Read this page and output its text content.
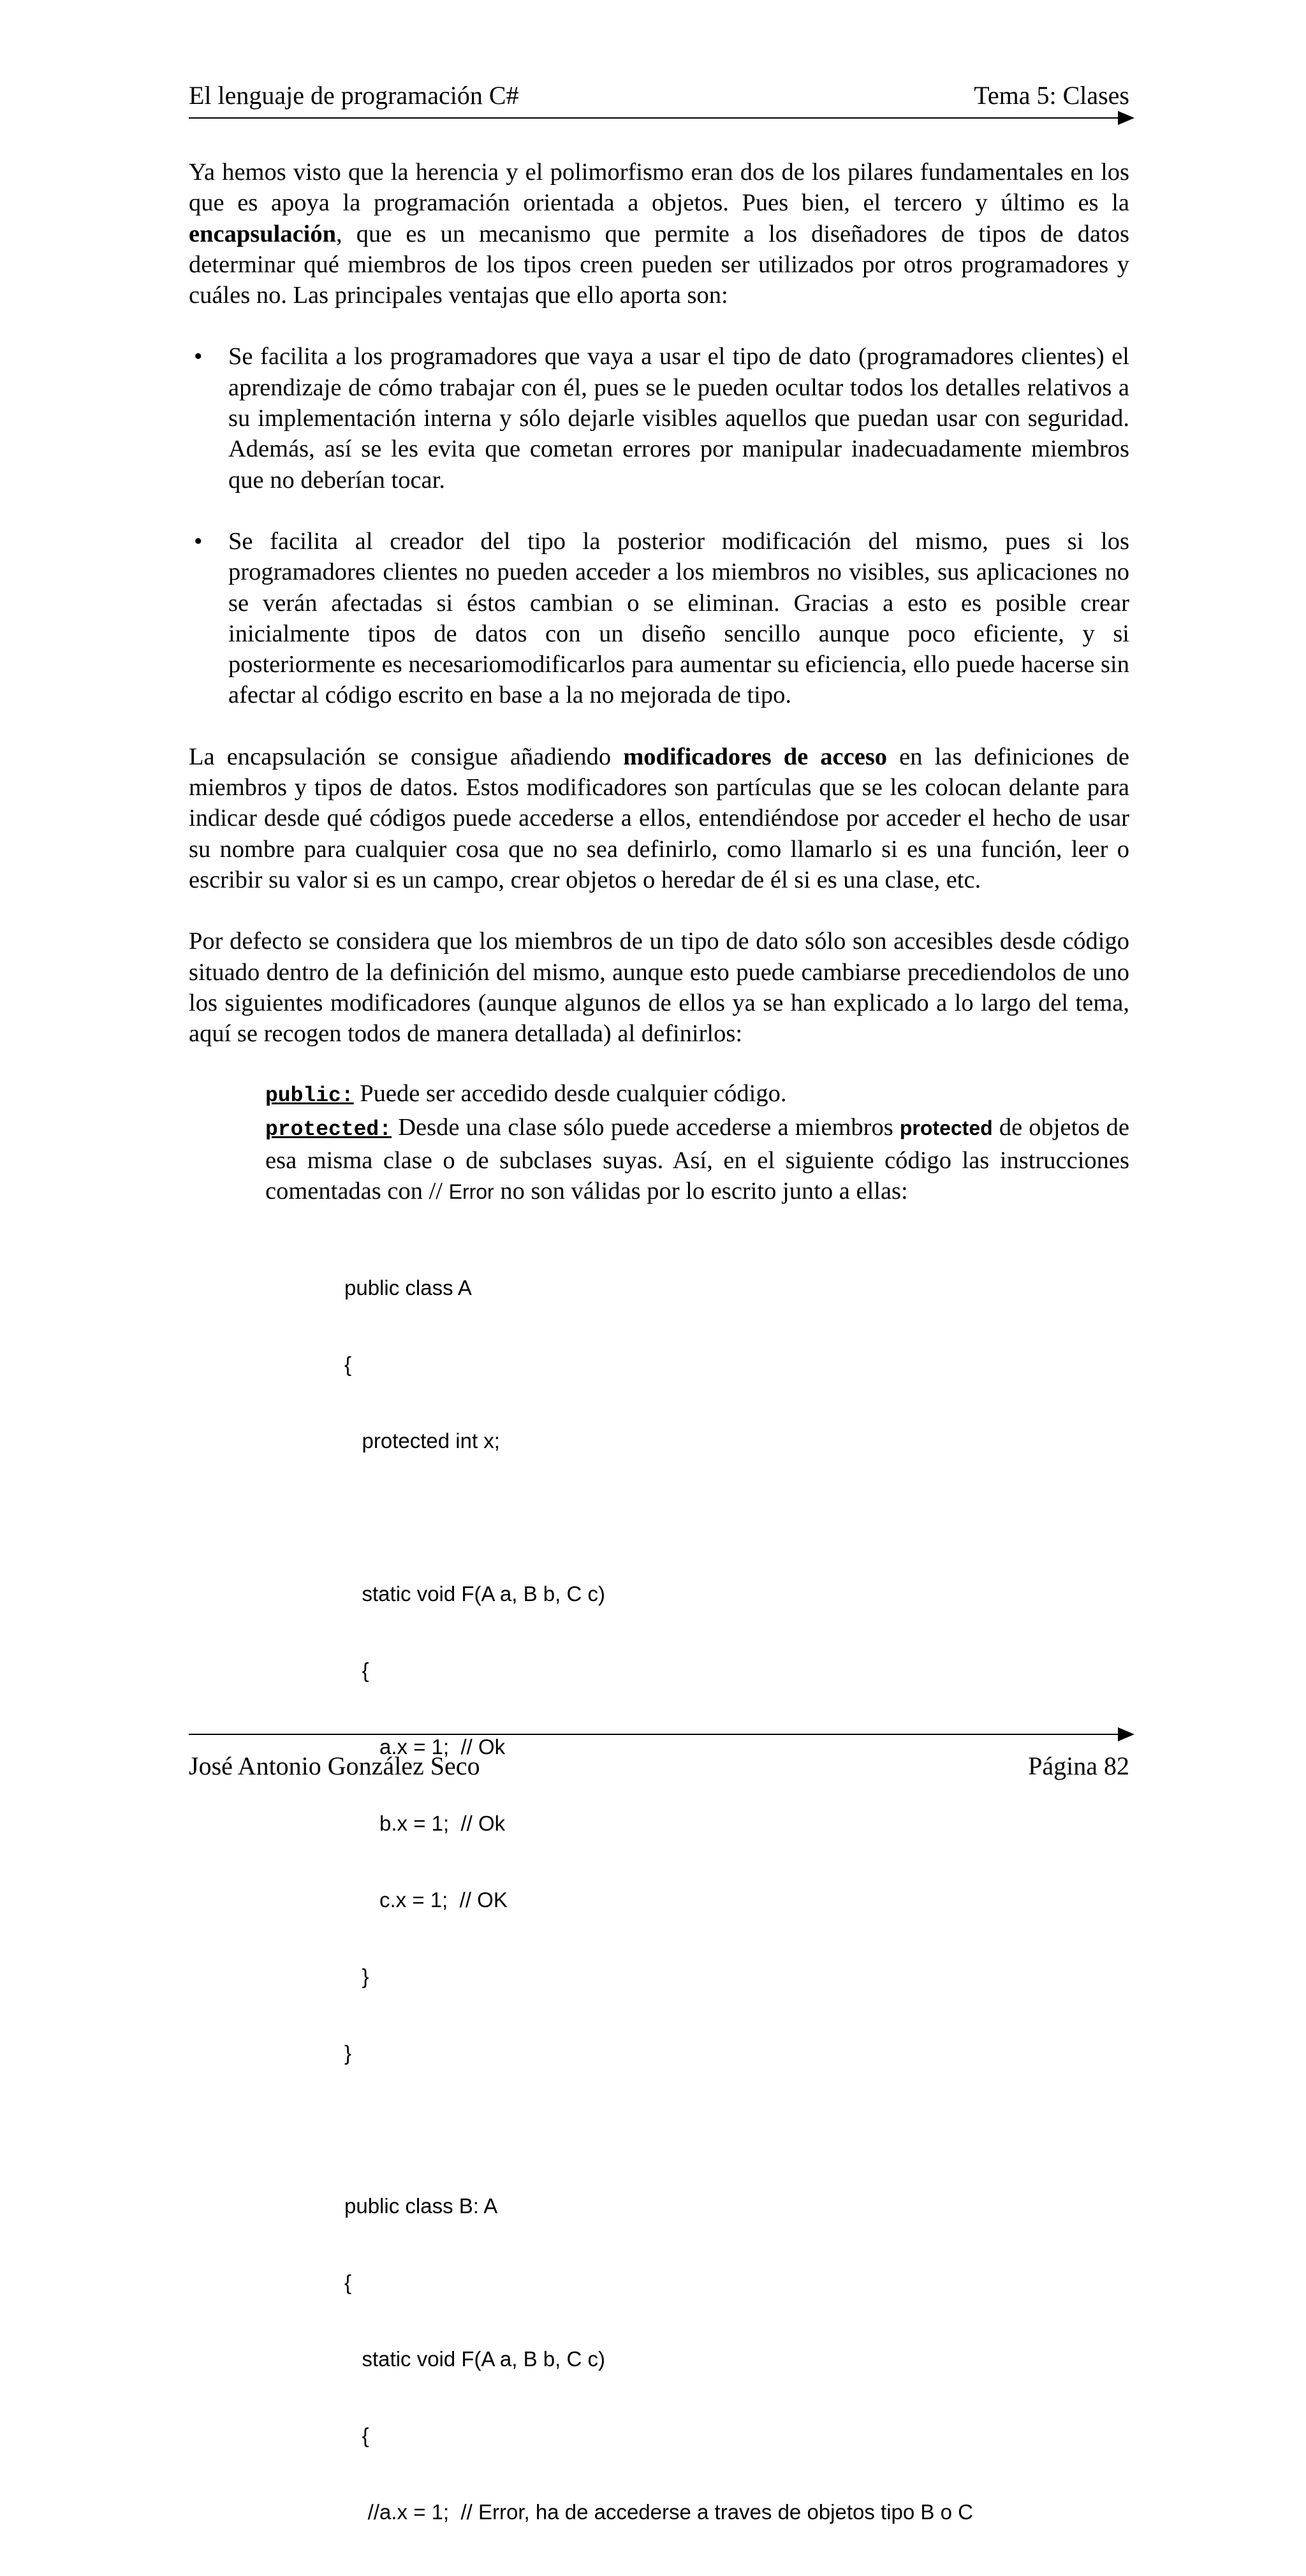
El lenguaje de programación C#	Tema 5: Clases

Ya hemos visto que la herencia y el polimorfismo eran dos de los pilares fundamentales en los que es apoya la programación orientada a objetos. Pues bien, el tercero y último es la encapsulación, que es un mecanismo que permite a los diseñadores de tipos de datos determinar qué miembros de los tipos creen pueden ser utilizados por otros programadores y cuáles no. Las principales ventajas que ello aporta son:

• Se facilita a los programadores que vaya a usar el tipo de dato (programadores clientes) el aprendizaje de cómo trabajar con él, pues se le pueden ocultar todos los detalles relativos a su implementación interna y sólo dejarle visibles aquellos que puedan usar con seguridad. Además, así se les evita que cometan errores por manipular inadecuadamente miembros que no deberían tocar.
• Se facilita al creador del tipo la posterior modificación del mismo, pues si los programadores clientes no pueden acceder a los miembros no visibles, sus aplicaciones no se verán afectadas si éstos cambian o se eliminan. Gracias a esto es posible crear inicialmente tipos de datos con un diseño sencillo aunque poco eficiente, y si posteriormente es necesariomodificarlos para aumentar su eficiencia, ello puede hacerse sin afectar al código escrito en base a la no mejorada de tipo.

La encapsulación se consigue añadiendo modificadores de acceso en las definiciones de miembros y tipos de datos. Estos modificadores son partículas que se les colocan delante para indicar desde qué códigos puede accederse a ellos, entendiéndose por acceder el hecho de usar su nombre para cualquier cosa que no sea definirlo, como llamarlo si es una función, leer o escribir su valor si es un campo, crear objetos o heredar de él si es una clase, etc.

Por defecto se considera que los miembros de un tipo de dato sólo son accesibles desde código situado dentro de la definición del mismo, aunque esto puede cambiarse precediendolos de uno los siguientes modificadores (aunque algunos de ellos ya se han explicado a lo largo del tema, aquí se recogen todos de manera detallada) al definirlos:

public: Puede ser accedido desde cualquier código.

protected: Desde una clase sólo puede accederse a miembros protected de objetos de esa misma clase o de subclases suyas. Así, en el siguiente código las instrucciones comentadas con // Error no son válidas por lo escrito junto a ellas:

public class A

{

protected int x;

static void F(A a, B b, C c)

{

a.x = 1;  // Ok

b.x = 1;  // Ok

c.x = 1;  // OK

}

}

public class B: A

{

static void F(A a, B b, C c)

{

//a.x = 1;  // Error, ha de accederse a traves de objetos tipo B o C

José Antonio González Seco	Página 82
